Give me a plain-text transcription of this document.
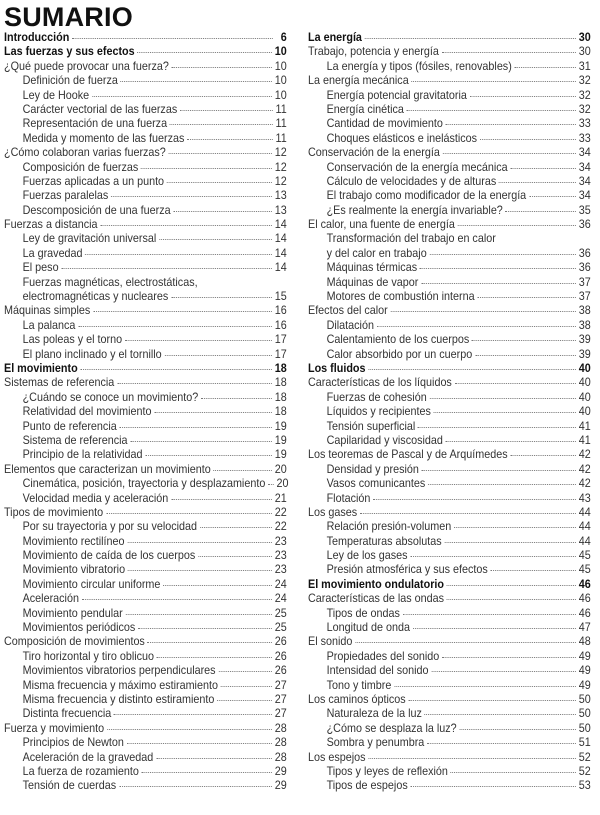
SUMARIO
Introducción	6
Las fuerzas y sus efectos	10
¿Qué puede provocar una fuerza?	10
Definición de fuerza	10
Ley de Hooke	10
Carácter vectorial de las fuerzas	11
Representación de una fuerza	11
Medida y momento de las fuerzas	11
¿Cómo colaboran varias fuerzas?	12
Composición de fuerzas	12
Fuerzas aplicadas a un punto	12
Fuerzas paralelas	13
Descomposición de una fuerza	13
Fuerzas a distancia	14
Ley de gravitación universal	14
La gravedad	14
El peso	14
Fuerzas magnéticas, electrostáticas,
electromagnéticas y nucleares	15
Máquinas simples	16
La palanca	16
Las poleas y el torno	17
El plano inclinado y el tornillo	17
El movimiento	18
Sistemas de referencia	18
¿Cuándo se conoce un movimiento?	18
Relatividad del movimiento	18
Punto de referencia	19
Sistema de referencia	19
Principio de la relatividad	19
Elementos que caracterizan un movimiento	20
Cinemática, posición, trayectoria y desplazamiento 20
Velocidad media y aceleración	21
Tipos de movimiento	22
Por su trayectoria y por su velocidad	22
Movimiento rectilíneo	23
Movimiento de caída de los cuerpos	23
Movimiento vibratorio	23
Movimiento circular uniforme	24
Aceleración	24
Movimiento pendular	25
Movimientos periódicos	25
Composición de movimientos	26
Tiro horizontal y tiro oblicuo	26
Movimientos vibratorios perpendiculares	26
Misma frecuencia y máximo estiramiento	27
Misma frecuencia y distinto estiramiento	27
Distinta frecuencia	27
Fuerza y movimiento	28
Principios de Newton	28
Aceleración de la gravedad	28
La fuerza de rozamiento	29
Tensión de cuerdas	29
La energía	30
Trabajo, potencia y energía	30
La energía y tipos (fósiles, renovables)	31
La energía mecánica	32
Energía potencial gravitatoria	32
Energía cinética	32
Cantidad de movimiento	33
Choques elásticos e inelásticos	33
Conservación de la energía	34
Conservación de la energía mecánica	34
Cálculo de velocidades y de alturas	34
El trabajo como modificador de la energía	34
¿Es realmente la energía invariable?	35
El calor, una fuente de energía	36
Transformación del trabajo en calor
y del calor en trabajo	36
Máquinas térmicas	36
Máquinas de vapor	37
Motores de combustión interna	37
Efectos del calor	38
Dilatación	38
Calentamiento de los cuerpos	39
Calor absorbido por un cuerpo	39
Los fluidos	40
Características de los líquidos	40
Fuerzas de cohesión	40
Líquidos y recipientes	40
Tensión superficial	41
Capilaridad y viscosidad	41
Los teoremas de Pascal y de Arquímedes	42
Densidad y presión	42
Vasos comunicantes	42
Flotación	43
Los gases	44
Relación presión-volumen	44
Temperaturas absolutas	44
Ley de los gases	45
Presión atmosférica y sus efectos	45
El movimiento ondulatorio	46
Características de las ondas	46
Tipos de ondas	46
Longitud de onda	47
El sonido	48
Propiedades del sonido	49
Intensidad del sonido	49
Tono y timbre	49
Los caminos ópticos	50
Naturaleza de la luz	50
¿Cómo se desplaza la luz?	50
Sombra y penumbra	51
Los espejos	52
Tipos y leyes de reflexión	52
Tipos de espejos	53
